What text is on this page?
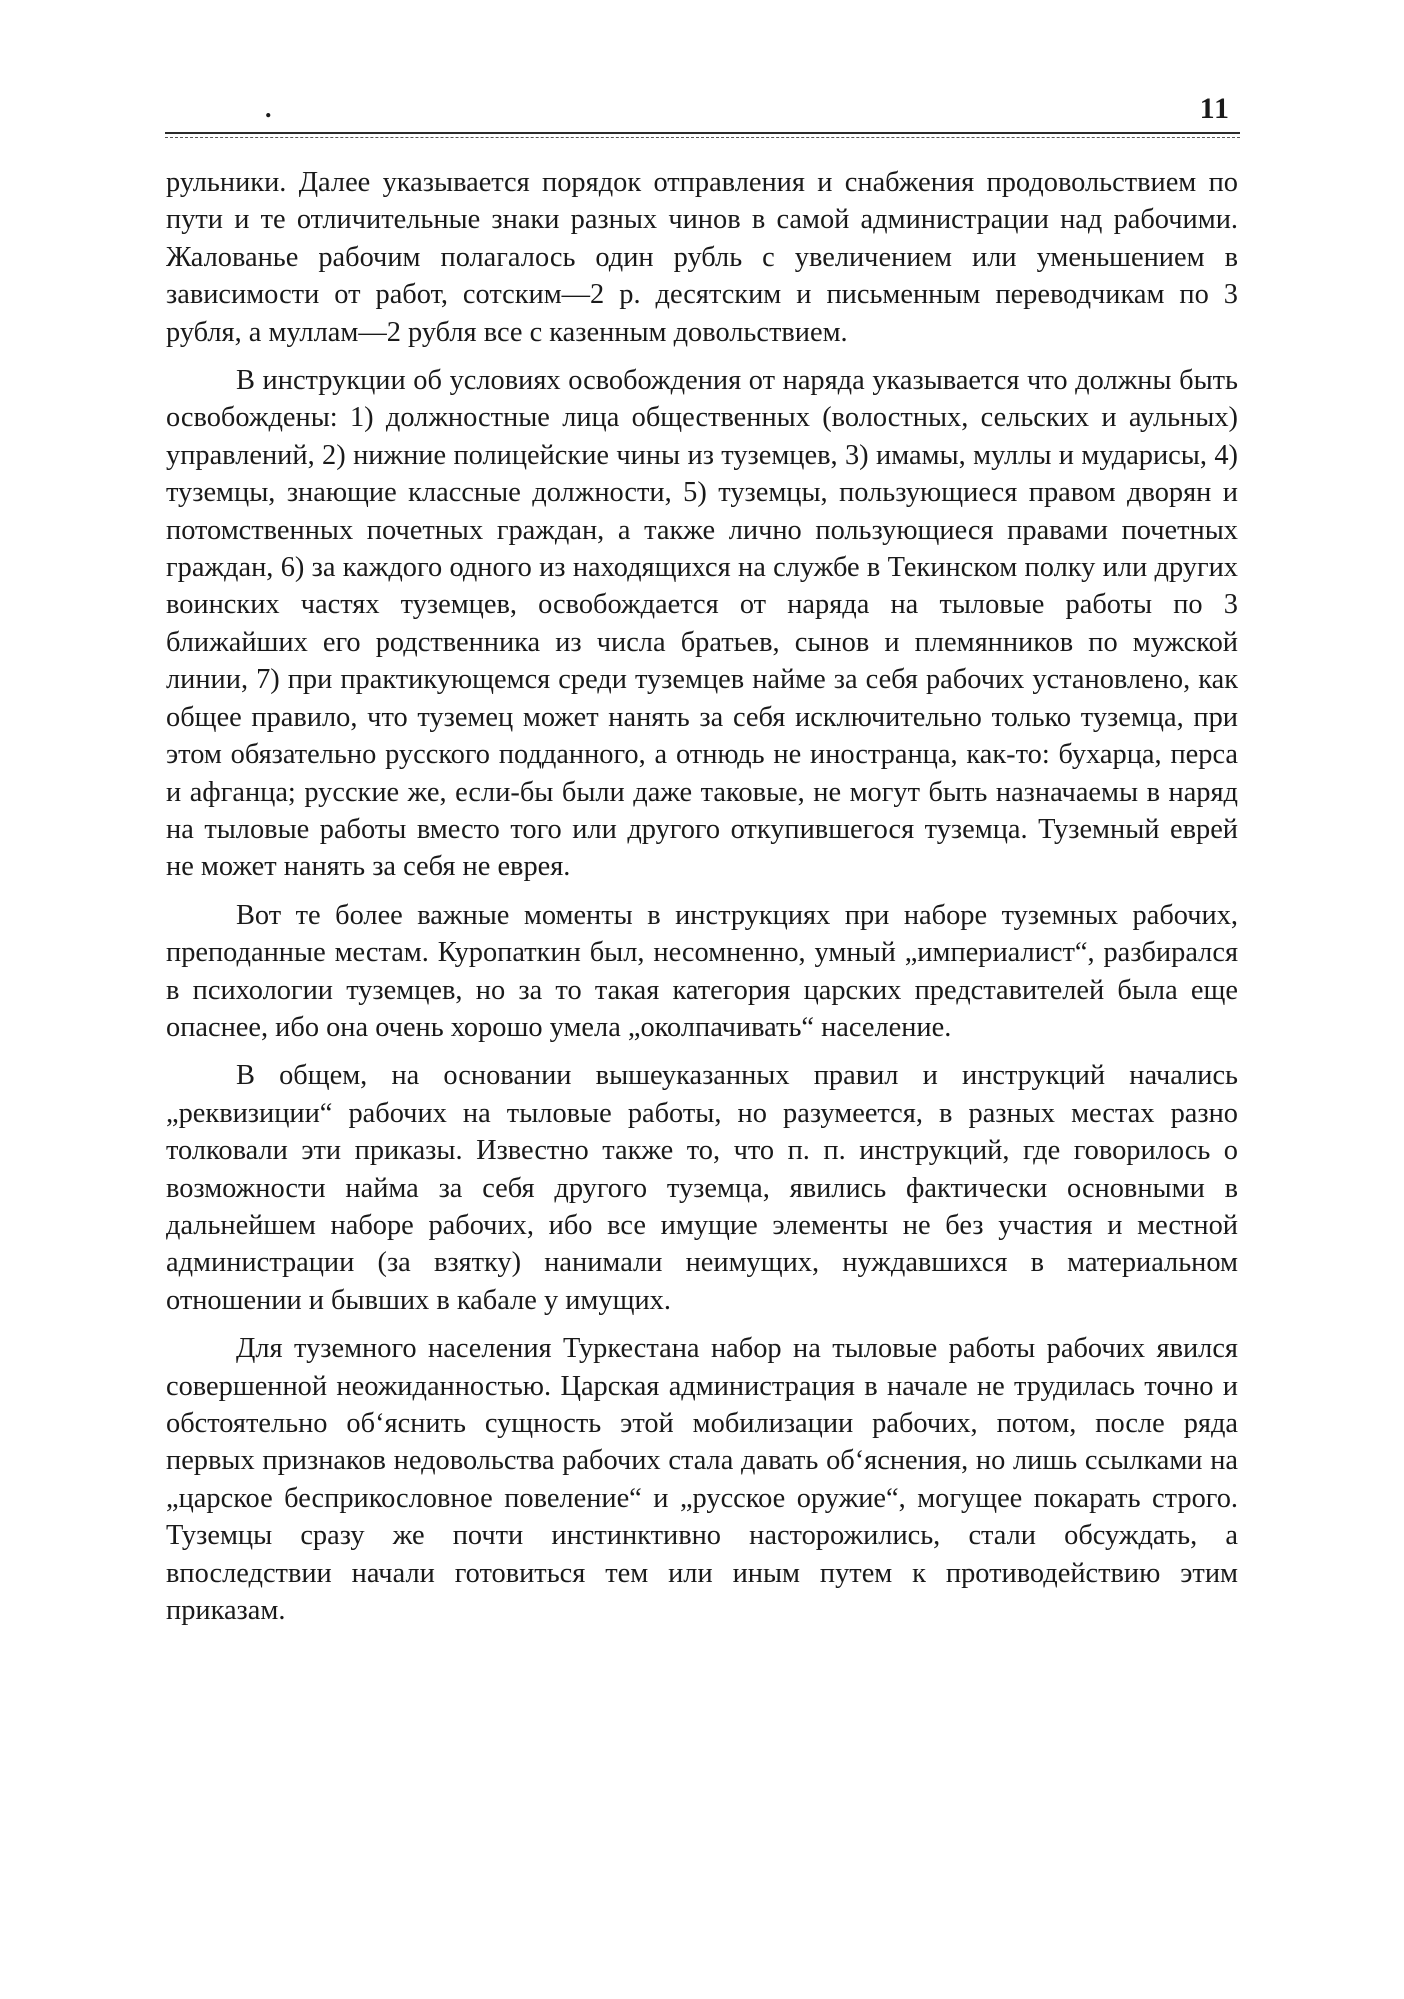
.	11

рульники. Далее указывается порядок отправления и снабжения продовольствием по пути и те отличительные знаки разных чинов в самой администрации над рабочими. Жалованье рабочим полагалось один рубль с увеличением или уменьшением в зависимости от работ, сотским—2 р. десятским и письменным переводчикам по 3 рубля, а муллам—2 рубля все с казенным довольствием.

В инструкции об условиях освобождения от наряда указывается что должны быть освобождены: 1) должностные лица общественных (волостных, сельских и аульных) управлений, 2) нижние полицейские чины из туземцев, 3) имамы, муллы и мударисы, 4) туземцы, знающие классные должности, 5) туземцы, пользующиеся правом дворян и потомственных почетных граждан, а также лично пользующиеся правами почетных граждан, 6) за каждого одного из находящихся на службе в Текинском полку или других воинских частях туземцев, освобождается от наряда на тыловые работы по 3 ближайших его родственника из числа братьев, сынов и племянников по мужской линии, 7) при практикующемся среди туземцев найме за себя рабочих установлено, как общее правило, что туземец может нанять за себя исключительно только туземца, при этом обязательно русского подданного, а отнюдь не иностранца, как-то: бухарца, перса и афганца; русские же, если-бы были даже таковые, не могут быть назначаемы в наряд на тыловые работы вместо того или другого откупившегося туземца. Туземный еврей не может нанять за себя не еврея.

Вот те более важные моменты в инструкциях при наборе туземных рабочих, преподанные местам. Куропаткин был, несомненно, умный „империалист“, разбирался в психологии туземцев, но за то такая категория царских представителей была еще опаснее, ибо она очень хорошо умела „околпачивать“ население.

В общем, на основании вышеуказанных правил и инструкций начались „реквизиции“ рабочих на тыловые работы, но разумеется, в разных местах разно толковали эти приказы. Известно также то, что п. п. инструкций, где говорилось о возможности найма за себя другого туземца, явились фактически основными в дальнейшем наборе рабочих, ибо все имущие элементы не без участия и местной администрации (за взятку) нанимали неимущих, нуждавшихся в материальном отношении и бывших в кабале у имущих.

Для туземного населения Туркестана набор на тыловые работы рабочих явился совершенной неожиданностью. Царская администрация в начале не трудилась точно и обстоятельно об‘яснить сущность этой мобилизации рабочих, потом, после ряда первых признаков недовольства рабочих стала давать об‘яснения, но лишь ссылками на „царское бесприкословное повеление“ и „русское оружие“, могущее покарать строго. Туземцы сразу же почти инстинктивно насторожились, стали обсуждать, а впоследствии начали готовиться тем или иным путем к противодействию этим приказам.
